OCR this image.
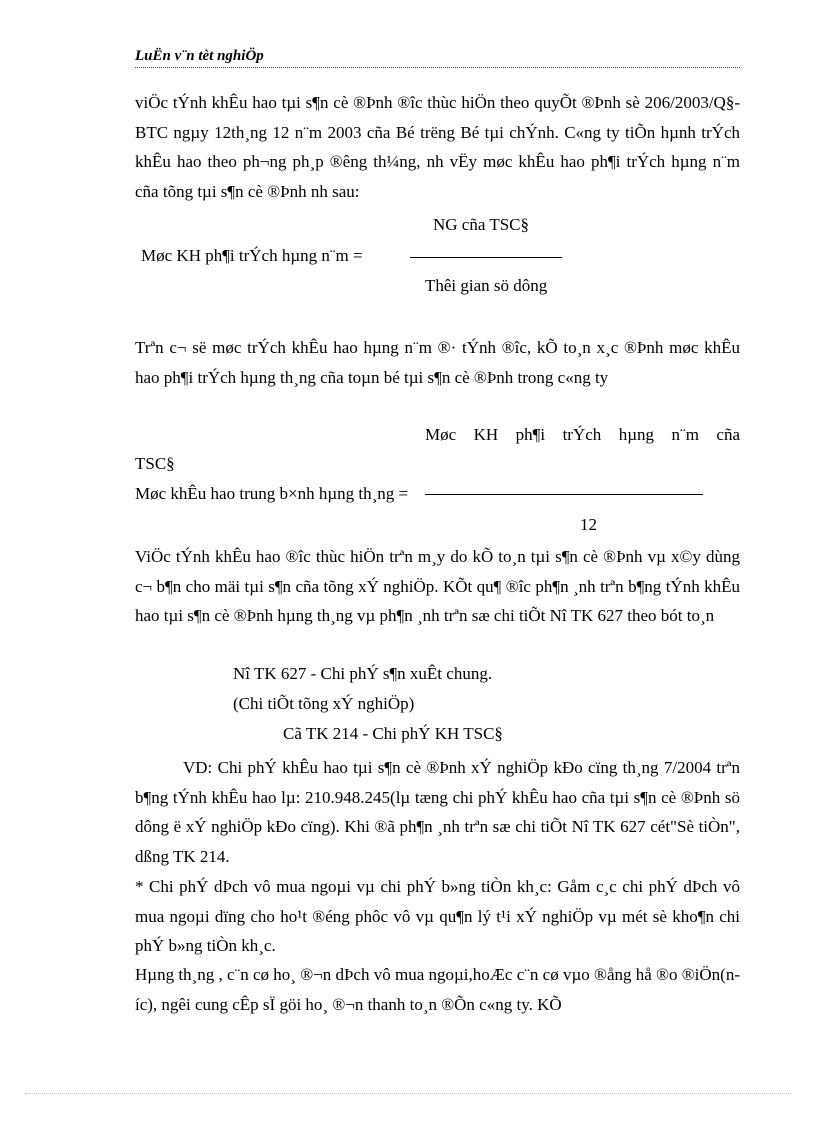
LuËn v¨n tèt nghiÖp
viÖc tÝnh khÊu hao tµi s¶n cè ®Þnh ®îc thùc hiÖn theo quyÕt ®Þnh sè 206/2003/Q§-BTC ngµy 12th¸ng 12 n¨m 2003 cña Bé trëng Bé tµi chÝnh. C«ng ty tiÕn hµnh trÝch khÊu hao theo ph¬ng ph¸p ®êng th¼ng, nh vËy møc khÊu hao ph¶i trÝch hµng n¨m cña tõng tµi s¶n cè ®Þnh nh sau:
NG cña TSC§
Møc KH ph¶i trÝch hµng n¨m =
Thêi gian sö dông
Trªn c¬ së møc trÝch khÊu hao hµng n¨m ®· tÝnh ®îc, kÕ to¸n x¸c ®Þnh møc khÊu hao ph¶i trÝch hµng th¸ng cña toµn bé tµi s¶n cè ®Þnh trong c«ng ty
Møc KH ph¶i trÝch hµng n¨m cña
TSC§
Møc khÊu hao trung b×nh hµng th¸ng =
12
ViÖc tÝnh khÊu hao ®îc thùc hiÖn trªn m¸y do kÕ to¸n tµi s¶n cè ®Þnh vµ x©y dùng c¬ b¶n cho mäi tµi s¶n cña tõng xÝ nghiÖp. KÕt qu¶ ®îc ph¶n ¸nh trªn b¶ng tÝnh khÊu hao tµi s¶n cè ®Þnh hµng th¸ng vµ ph¶n ¸nh trªn sæ chi tiÕt Nî TK 627 theo bót to¸n
Nî TK 627 - Chi phÝ s¶n xuÊt chung.
(Chi tiÕt tõng xÝ nghiÖp)
Cã TK 214 - Chi phÝ KH TSC§
VD: Chi phÝ khÊu hao tµi s¶n cè ®Þnh xÝ nghiÖp kÐo cïng th¸ng 7/2004 trªn b¶ng tÝnh khÊu hao lµ: 210.948.245(lµ tæng chi phÝ khÊu hao cña tµi s¶n cè ®Þnh sö dông ë xÝ nghiÖp kÐo cïng). Khi ®ã ph¶n ¸nh trªn sæ chi tiÕt Nî TK 627 cét"Sè tiÒn", dßng TK 214.
* Chi phÝ dÞch vô mua ngoµi vµ chi phÝ b»ng tiÒn kh¸c: Gåm c¸c chi phÝ dÞch vô mua ngoµi dïng cho ho¹t ®éng phôc vô vµ qu¶n lý t¹i xÝ nghiÖp vµ mét sè kho¶n chi phÝ b»ng tiÒn kh¸c.
Hµng th¸ng , c¨n cø ho¸ ®¬n dÞch vô mua ngoµi,hoÆc c¨n cø vµo ®ång hå ®o ®iÖn(níc), ngêi cung cÊp sÏ göi ho¸ ®¬n thanh to¸n ®Õn c«ng ty. KÕ
